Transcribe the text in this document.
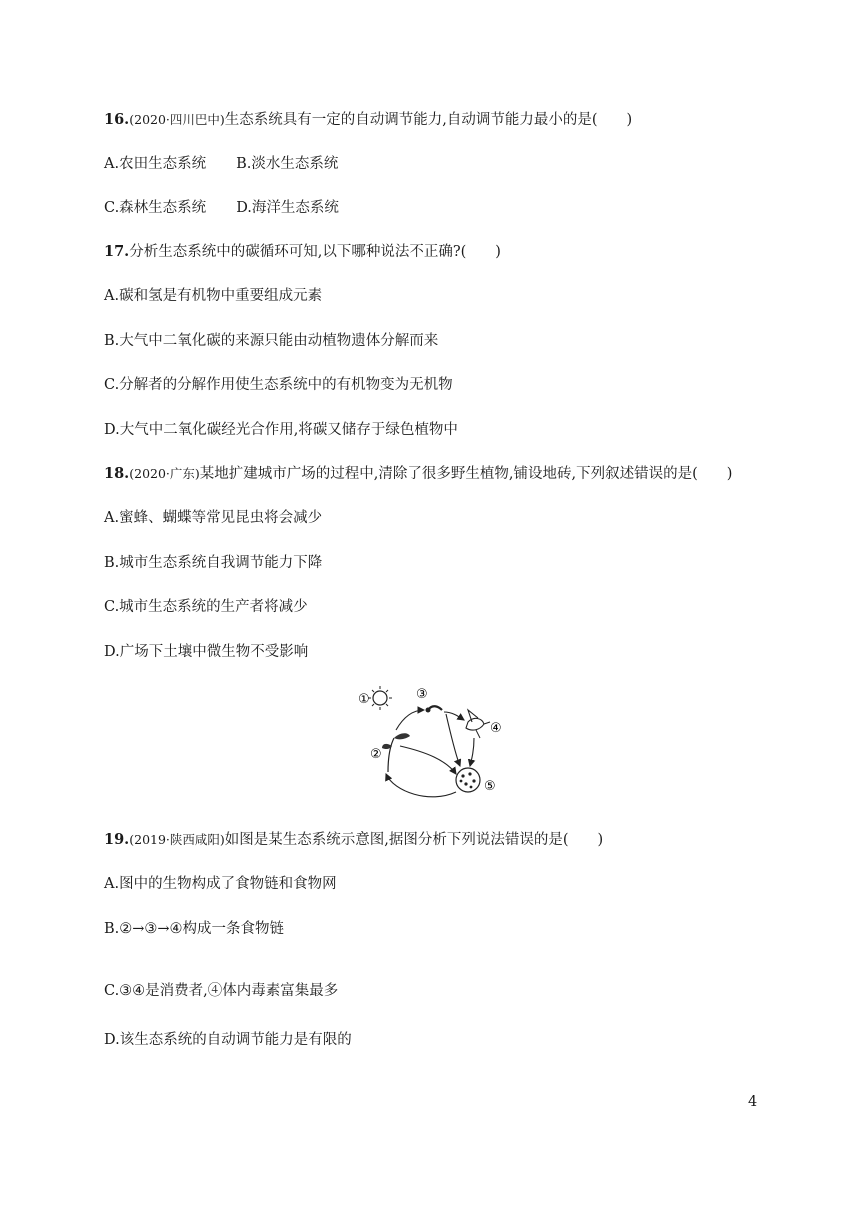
16.(2020·四川巴中)生态系统具有一定的自动调节能力,自动调节能力最小的是(　　)
A.农田生态系统 B.淡水生态系统
C.森林生态系统 D.海洋生态系统
17.分析生态系统中的碳循环可知,以下哪种说法不正确?(　　)
A.碳和氢是有机物中重要组成元素
B.大气中二氧化碳的来源只能由动植物遗体分解而来
C.分解者的分解作用使生态系统中的有机物变为无机物
D.大气中二氧化碳经光合作用,将碳又储存于绿色植物中
18.(2020·广东)某地扩建城市广场的过程中,清除了很多野生植物,铺设地砖,下列叙述错误的是(　　)
A.蜜蜂、蝴蝶等常见昆虫将会减少
B.城市生态系统自我调节能力下降
C.城市生态系统的生产者将减少
D.广场下土壤中微生物不受影响
①
②
③
④
⑤
19.(2019·陕西咸阳)如图是某生态系统示意图,据图分析下列说法错误的是(　　)
A.图中的生物构成了食物链和食物网
B.②→③→④构成一条食物链
C.③④是消费者,④体内毒素富集最多
D.该生态系统的自动调节能力是有限的
4
